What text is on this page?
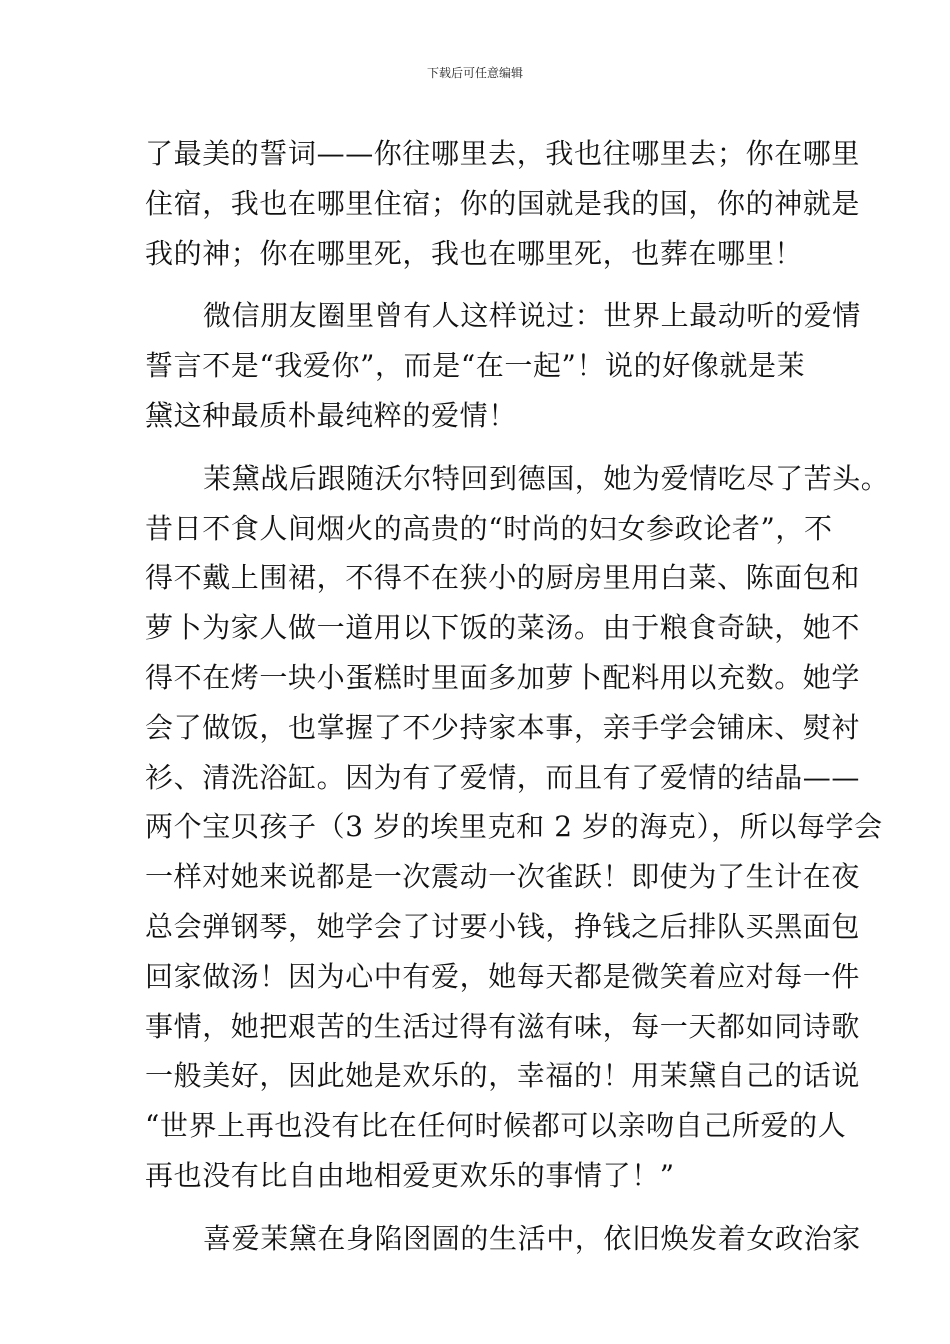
下载后可任意编辑
了最美的誓词——你往哪里去，我也往哪里去；你在哪里
住宿，我也在哪里住宿；你的国就是我的国，你的神就是
我的神；你在哪里死，我也在哪里死，也葬在哪里！
微信朋友圈里曾有人这样说过：世界上最动听的爱情
誓言不是“我爱你”，而是“在一起”！说的好像就是茉
黛这种最质朴最纯粹的爱情！
茉黛战后跟随沃尔特回到德国，她为爱情吃尽了苦头。
昔日不食人间烟火的高贵的“时尚的妇女参政论者”，不
得不戴上围裙，不得不在狭小的厨房里用白菜、陈面包和
萝卜为家人做一道用以下饭的菜汤。由于粮食奇缺，她不
得不在烤一块小蛋糕时里面多加萝卜配料用以充数。她学
会了做饭，也掌握了不少持家本事，亲手学会铺床、熨衬
衫、清洗浴缸。因为有了爱情，而且有了爱情的结晶——
两个宝贝孩子（3 岁的埃里克和 2 岁的海克），所以每学会
一样对她来说都是一次震动一次雀跃！即使为了生计在夜
总会弹钢琴，她学会了讨要小钱，挣钱之后排队买黑面包
回家做汤！因为心中有爱，她每天都是微笑着应对每一件
事情，她把艰苦的生活过得有滋有味，每一天都如同诗歌
一般美好，因此她是欢乐的，幸福的！用茉黛自己的话说
“世界上再也没有比在任何时候都可以亲吻自己所爱的人
再也没有比自由地相爱更欢乐的事情了！”
喜爱茉黛在身陷囹圄的生活中，依旧焕发着女政治家
